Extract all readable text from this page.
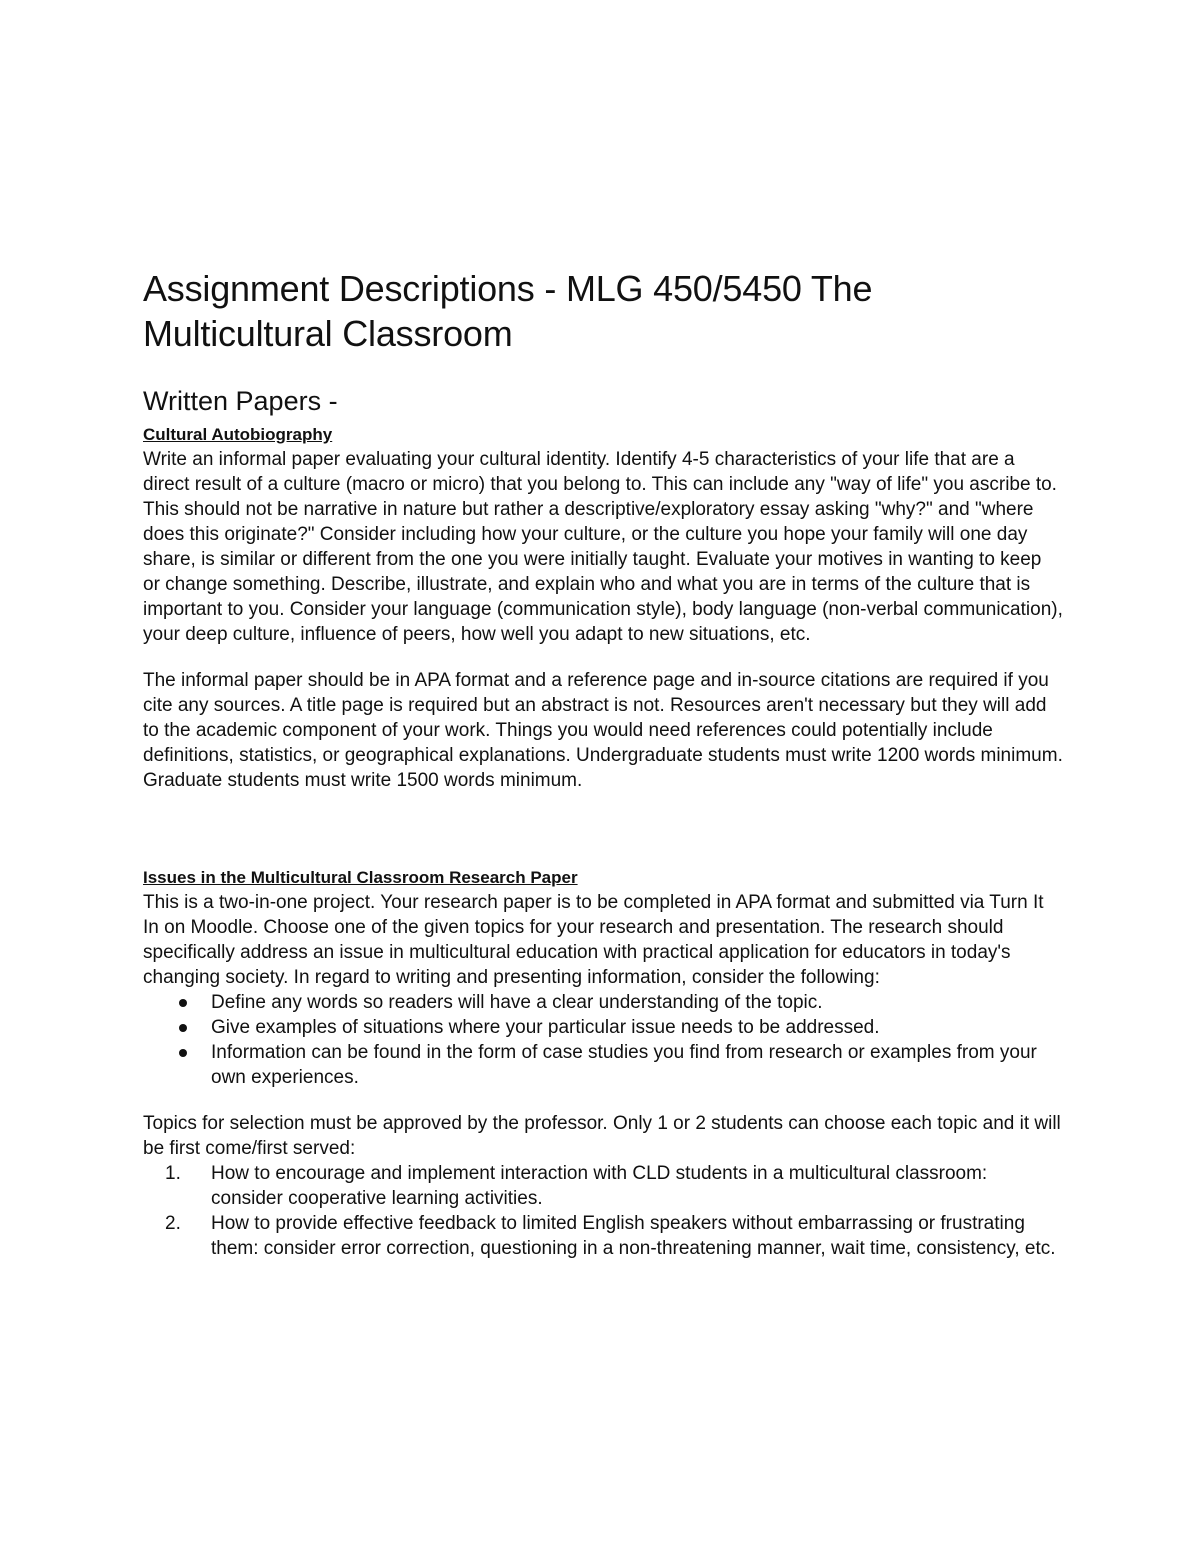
Assignment Descriptions - MLG 450/5450 The Multicultural Classroom
Written Papers -
Cultural Autobiography

Write an informal paper evaluating your cultural identity. Identify 4-5 characteristics of your life that are a direct result of a culture (macro or micro) that you belong to. This can include any "way of life" you ascribe to. This should not be narrative in nature but rather a descriptive/exploratory essay asking "why?" and "where does this originate?" Consider including how your culture, or the culture you hope your family will one day share, is similar or different from the one you were initially taught. Evaluate your motives in wanting to keep or change something. Describe, illustrate, and explain who and what you are in terms of the culture that is important to you. Consider your language (communication style), body language (non-verbal communication), your deep culture, influence of peers, how well you adapt to new situations, etc.

The informal paper should be in APA format and a reference page and in-source citations are required if you cite any sources. A title page is required but an abstract is not. Resources aren't necessary but they will add to the academic component of your work. Things you would need references could potentially include definitions, statistics, or geographical explanations. Undergraduate students must write 1200 words minimum. Graduate students must write 1500 words minimum.

Issues in the Multicultural Classroom Research Paper

This is a two-in-one project. Your research paper is to be completed in APA format and submitted via Turn It In on Moodle. Choose one of the given topics for your research and presentation. The research should specifically address an issue in multicultural education with practical application for educators in today's changing society. In regard to writing and presenting information, consider the following:

Define any words so readers will have a clear understanding of the topic.
Give examples of situations where your particular issue needs to be addressed.
Information can be found in the form of case studies you find from research or examples from your own experiences.

Topics for selection must be approved by the professor. Only 1 or 2 students can choose each topic and it will be first come/first served:

1.	How to encourage and implement interaction with CLD students in a multicultural classroom: consider cooperative learning activities.
2.	How to provide effective feedback to limited English speakers without embarrassing or frustrating them: consider error correction, questioning in a non-threatening manner, wait time, consistency, etc.
